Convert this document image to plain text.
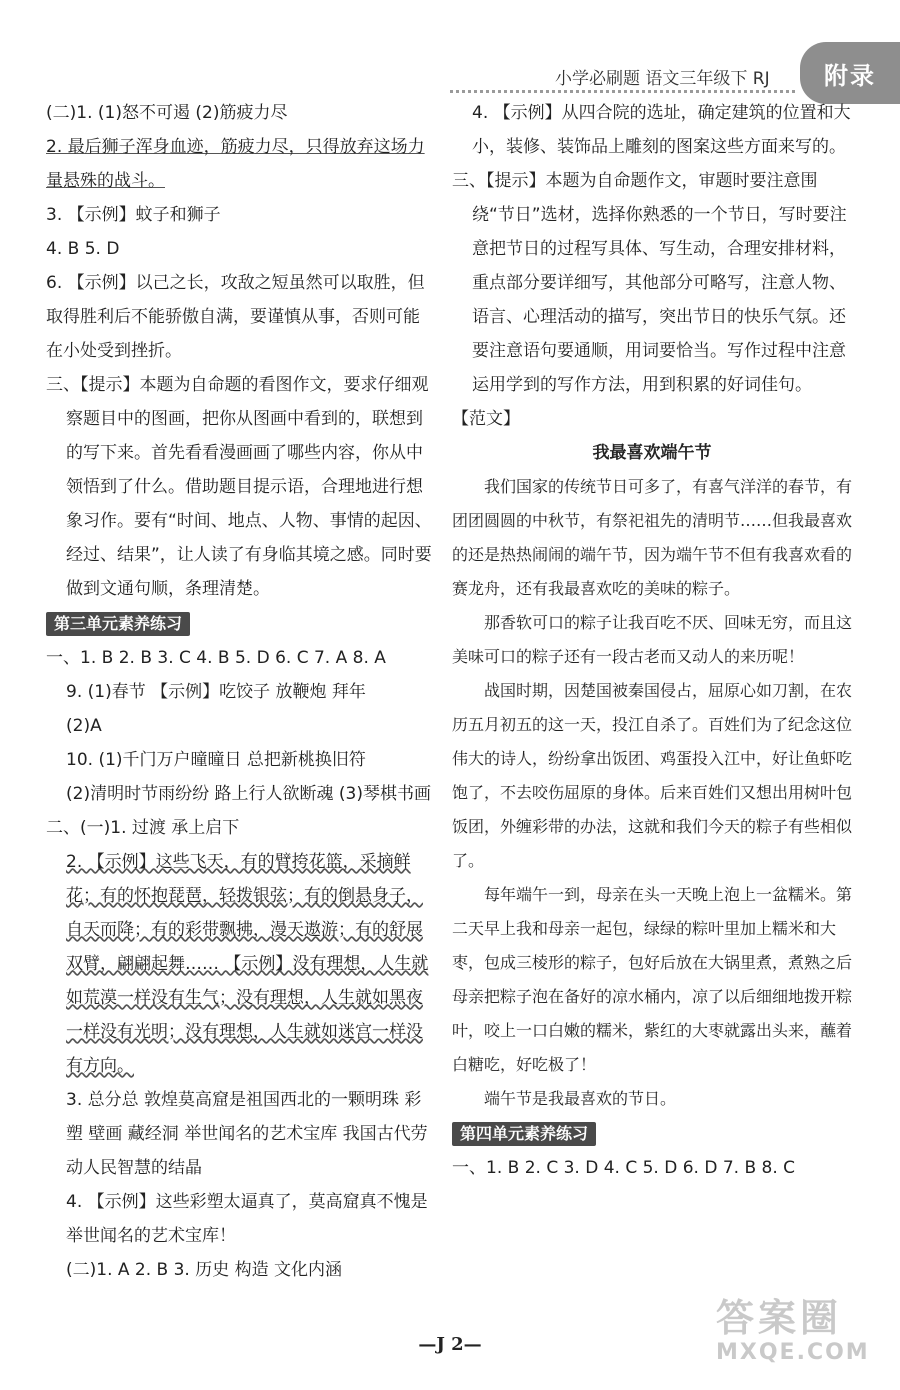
小学必刷题 语文三年级下 RJ	附录
(二)1. (1)怒不可遏 (2)筋疲力尽
2. 最后狮子浑身血迹，筋疲力尽，只得放弃这场力量悬殊的战斗。
3. 【示例】蚊子和狮子
4. B 5. D
6. 【示例】以己之长，攻敌之短虽然可以取胜，但取得胜利后不能骄傲自满，要谨慎从事，否则可能在小处受到挫折。
三、【提示】本题为自命题的看图作文，要求仔细观察题目中的图画，把你从图画中看到的，联想到的写下来。首先看看漫画画了哪些内容，你从中领悟到了什么。借助题目提示语，合理地进行想象习作。要有“时间、地点、人物、事情的起因、经过、结果”，让人读了有身临其境之感。同时要做到文通句顺，条理清楚。
第三单元素养练习
一、1. B 2. B 3. C 4. B 5. D 6. C 7. A 8. A
9. (1)春节 【示例】吃饺子 放鞭炮 拜年
(2)A
10. (1)千门万户曈曈日 总把新桃换旧符
(2)清明时节雨纷纷 路上行人欲断魂 (3)琴棋书画
二、(一)1. 过渡 承上启下
2. 【示例】这些飞天，有的臂挎花篮，采摘鲜花；有的怀抱琵琶，轻拨银弦；有的倒悬身子，自天而降；有的彩带飘拂，漫天遨游；有的舒展双臂，翩翩起舞…… 【示例】没有理想，人生就如荒漠一样没有生气；没有理想，人生就如黑夜一样没有光明；没有理想，人生就如迷宫一样没有方向。
3. 总分总 敦煌莫高窟是祖国西北的一颗明珠 彩塑 壁画 藏经洞 举世闻名的艺术宝库 我国古代劳动人民智慧的结晶
4. 【示例】这些彩塑太逼真了，莫高窟真不愧是举世闻名的艺术宝库！
(二)1. A 2. B 3. 历史 构造 文化内涵
4. 【示例】从四合院的选址，确定建筑的位置和大小，装修、装饰品上雕刻的图案这些方面来写的。
三、【提示】本题为自命题作文，审题时要注意围绕“节日”选材，选择你熟悉的一个节日，写时要注意把节日的过程写具体、写生动，合理安排材料，重点部分要详细写，其他部分可略写，注意人物、语言、心理活动的描写，突出节日的快乐气氛。还要注意语句要通顺，用词要恰当。写作过程中注意运用学到的写作方法，用到积累的好词佳句。
【范文】

我最喜欢端午节

我们国家的传统节日可多了，有喜气洋洋的春节，有团团圆圆的中秋节，有祭祀祖先的清明节……但我最喜欢的还是热热闹闹的端午节，因为端午节不但有我喜欢看的赛龙舟，还有我最喜欢吃的美味的粽子。

那香软可口的粽子让我百吃不厌、回味无穷，而且这美味可口的粽子还有一段古老而又动人的来历呢！

战国时期，因楚国被秦国侵占，屈原心如刀割，在农历五月初五的这一天，投江自杀了。百姓们为了纪念这位伟大的诗人，纷纷拿出饭团、鸡蛋投入江中，好让鱼虾吃饱了，不去咬伤屈原的身体。后来百姓们又想出用树叶包饭团，外缠彩带的办法，这就和我们今天的粽子有些相似了。

每年端午一到，母亲在头一天晚上泡上一盆糯米。第二天早上我和母亲一起包，绿绿的粽叶里加上糯米和大枣，包成三棱形的粽子，包好后放在大锅里煮，煮熟之后母亲把粽子泡在备好的凉水桶内，凉了以后细细地拨开粽叶，咬上一口白嫩的糯米，紫红的大枣就露出头来，蘸着白糖吃，好吃极了！

端午节是我最喜欢的节日。

第四单元素养练习
一、1. B 2. C 3. D 4. C 5. D 6. D 7. B 8. C
—J 2—
答案圈
MXQE.COM
